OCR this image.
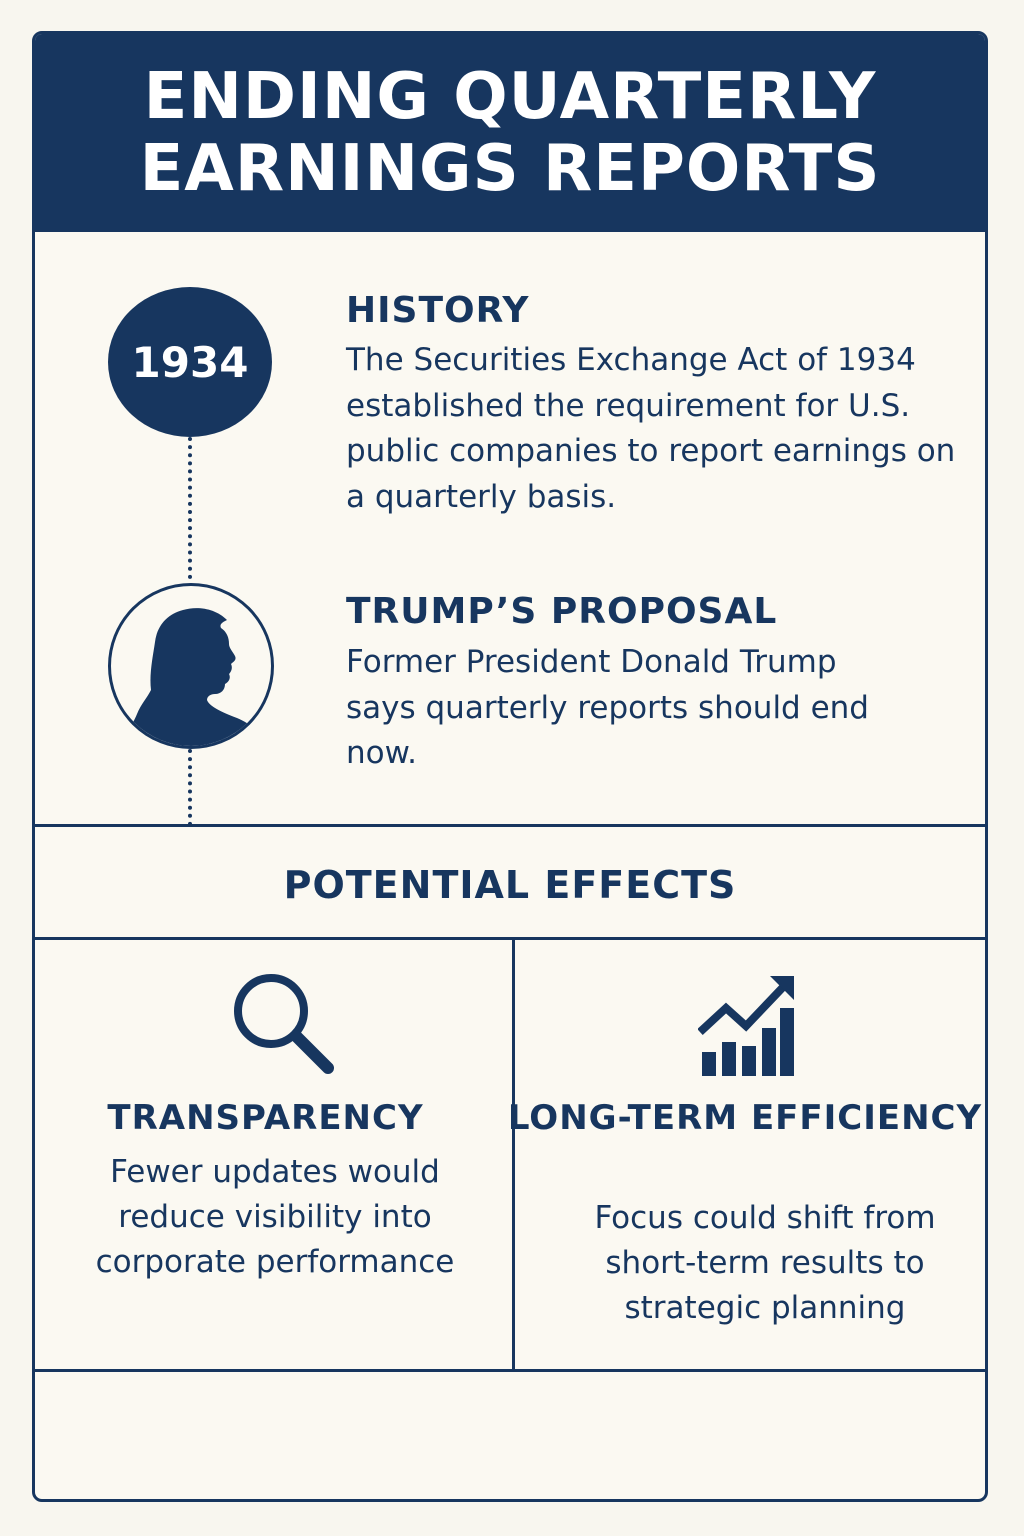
ENDING QUARTERLY EARNINGS REPORTS
1934
HISTORY

The Securities Exchange Act of 1934 established the requirement for U.S. public companies to report earnings on a quarterly basis.

TRUMP’S PROPOSAL

Former President Donald Trump says quarterly reports should end now.

POTENTIAL EFFECTS
TRANSPARENCY

Fewer updates would reduce visibility into corporate performance

LONG-TERM EFFICIENCY

Focus could shift from short-term results to strategic planning
